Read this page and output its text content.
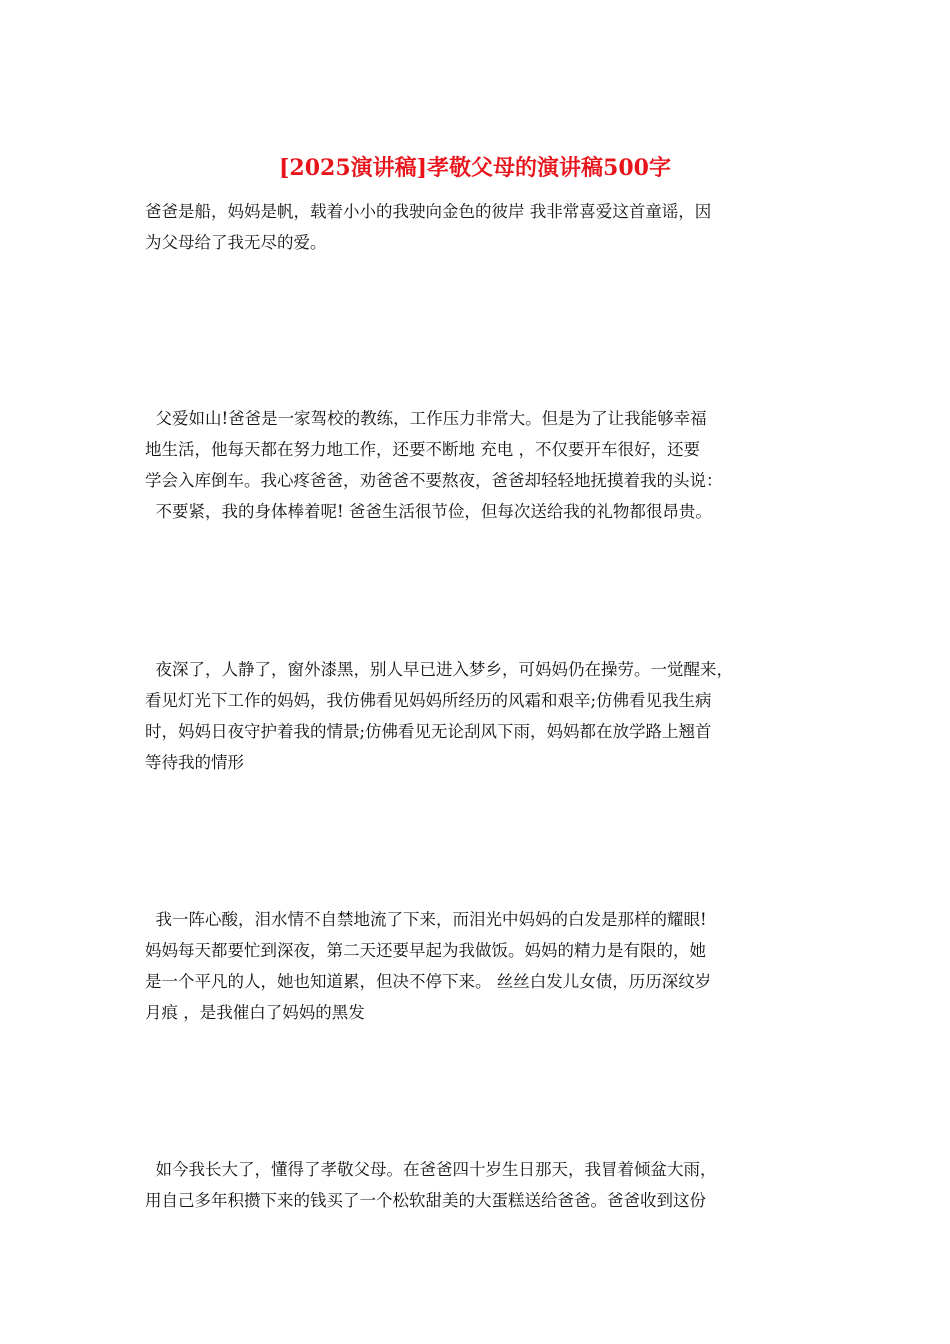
[2025演讲稿]孝敬父母的演讲稿500字
爸爸是船，妈妈是帆，载着小小的我驶向金色的彼岸 我非常喜爱这首童谣，因
为父母给了我无尽的爱。
父爱如山!爸爸是一家驾校的教练，工作压力非常大。但是为了让我能够幸福
地生活，他每天都在努力地工作，还要不断地 充电 ，不仅要开车很好，还要
学会入库倒车。我心疼爸爸，劝爸爸不要熬夜，爸爸却轻轻地抚摸着我的头说：
不要紧，我的身体棒着呢! 爸爸生活很节俭，但每次送给我的礼物都很昂贵。
夜深了，人静了，窗外漆黑，别人早已进入梦乡，可妈妈仍在操劳。一觉醒来，
看见灯光下工作的妈妈，我仿佛看见妈妈所经历的风霜和艰辛;仿佛看见我生病
时，妈妈日夜守护着我的情景;仿佛看见无论刮风下雨，妈妈都在放学路上翘首
等待我的情形
我一阵心酸，泪水情不自禁地流了下来，而泪光中妈妈的白发是那样的耀眼!
妈妈每天都要忙到深夜，第二天还要早起为我做饭。妈妈的精力是有限的，她
是一个平凡的人，她也知道累，但决不停下来。 丝丝白发儿女债，历历深纹岁
月痕 ，是我催白了妈妈的黑发
如今我长大了，懂得了孝敬父母。在爸爸四十岁生日那天，我冒着倾盆大雨，
用自己多年积攒下来的钱买了一个松软甜美的大蛋糕送给爸爸。爸爸收到这份
